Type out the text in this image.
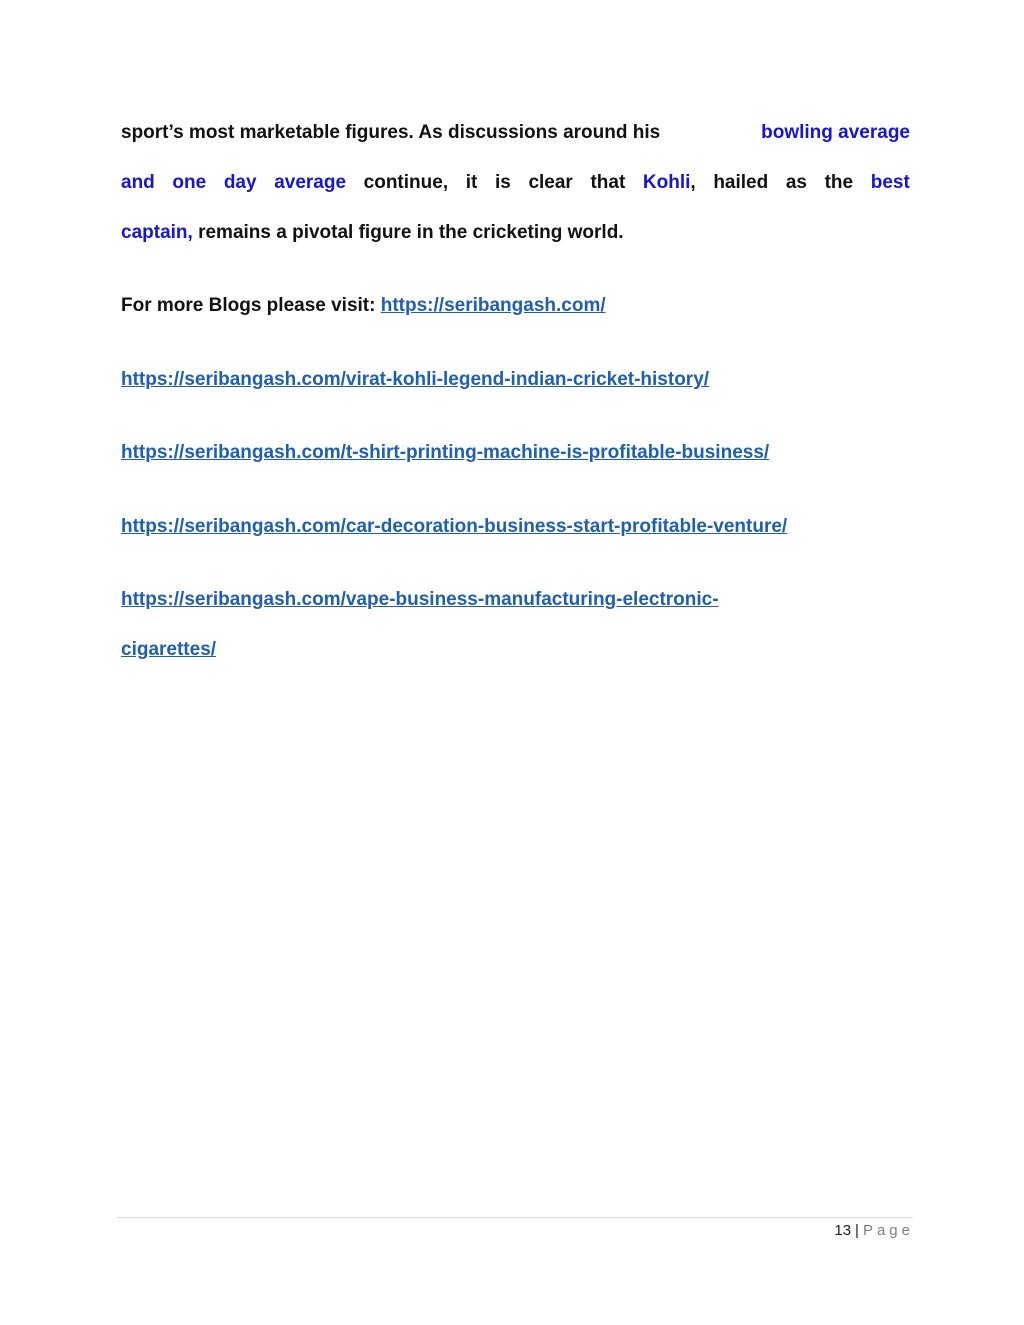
sport’s most marketable figures. As discussions around his	bowling average
and one day average continue, it is clear that Kohli, hailed as the best
captain, remains a pivotal figure in the cricketing world.
For more Blogs please visit: https://seribangash.com/
https://seribangash.com/virat-kohli-legend-indian-cricket-history/
https://seribangash.com/t-shirt-printing-machine-is-profitable-business/
https://seribangash.com/car-decoration-business-start-profitable-venture/
https://seribangash.com/vape-business-manufacturing-electronic-
cigarettes/
13 | Page
